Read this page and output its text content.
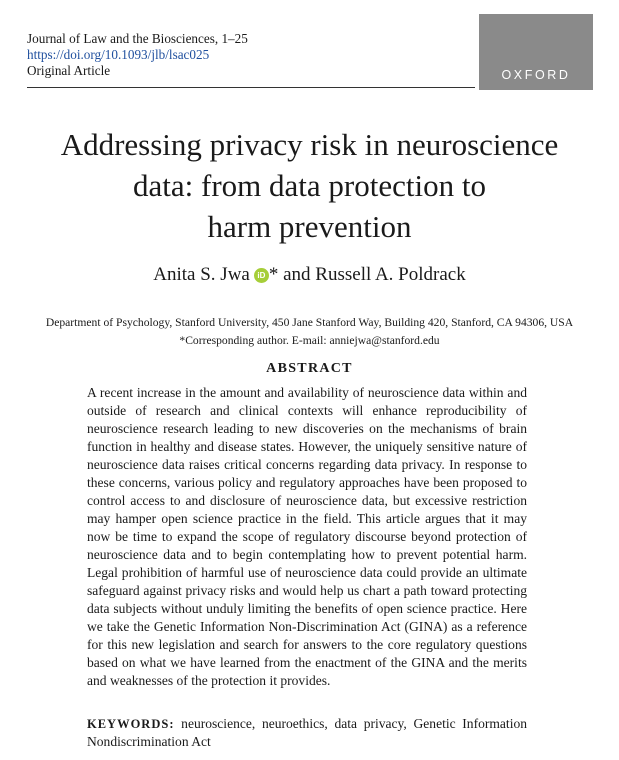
Journal of Law and the Biosciences, 1–25
https://doi.org/10.1093/jlb/lsac025
Original Article	OXFORD
Addressing privacy risk in neuroscience
data: from data protection to
harm prevention
Anita S. Jwa iD * and Russell A. Poldrack
Department of Psychology, Stanford University, 450 Jane Stanford Way, Building 420, Stanford, CA 94306, USA
*Corresponding author. E-mail: anniejwa@stanford.edu
ABSTRACT

A recent increase in the amount and availability of neuroscience data within and outside of research and clinical contexts will enhance reproducibility of neuroscience research leading to new discoveries on the mechanisms of brain function in healthy and disease states. However, the uniquely sensitive nature of neuroscience data raises critical concerns regarding data privacy. In response to these concerns, various policy and regulatory approaches have been proposed to control access to and disclosure of neuroscience data, but excessive restriction may hamper open science practice in the field. This article argues that it may now be time to expand the scope of regulatory discourse beyond protection of neuroscience data and to begin contemplating how to prevent potential harm. Legal prohibition of harmful use of neuroscience data could provide an ultimate safeguard against privacy risks and would help us chart a path toward protecting data subjects without unduly limiting the benefits of open science practice. Here we take the Genetic Information Non-Discrimination Act (GINA) as a reference for this new legislation and search for answers to the core regulatory questions based on what we have learned from the enactment of the GINA and the merits and weaknesses of the protection it provides.

KEYWORDS: neuroscience, neuroethics, data privacy, Genetic Information Nondiscrimination Act
